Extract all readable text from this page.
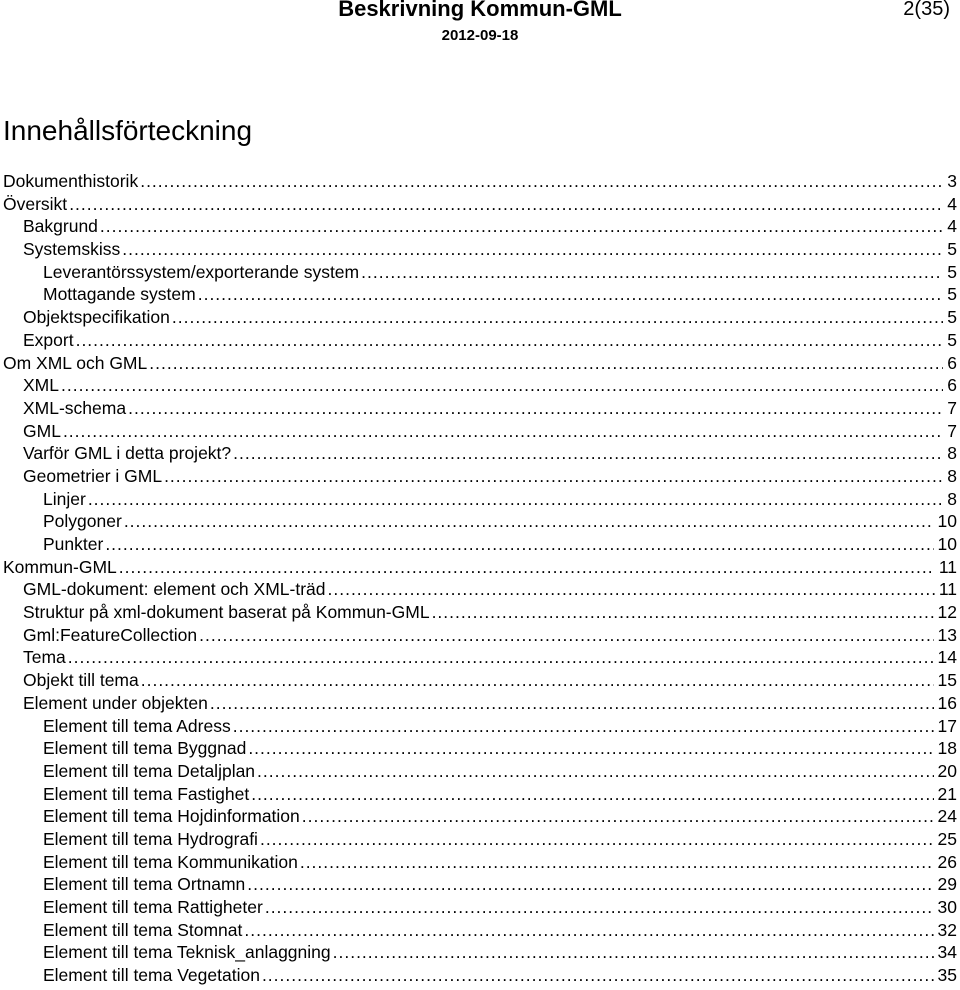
Beskrivning Kommun-GML	2(35)
2012-09-18
Innehållsförteckning
Dokumenthistorik .....	3
Översikt .....	4
Bakgrund .....	4
Systemskiss .....	5
Leverantörssystem/exporterande system .....	5
Mottagande system .....	5
Objektspecifikation .....	5
Export .....	5
Om XML och GML .....	6
XML .....	6
XML-schema .....	7
GML .....	7
Varför GML i detta projekt? .....	8
Geometrier i GML .....	8
Linjer .....	8
Polygoner .....	10
Punkter .....	10
Kommun-GML .....	11
GML-dokument: element och XML-träd .....	11
Struktur på xml-dokument baserat på Kommun-GML .....	12
Gml:FeatureCollection .....	13
Tema .....	14
Objekt till tema .....	15
Element under objekten .....	16
Element till tema Adress .....	17
Element till tema Byggnad .....	18
Element till tema Detaljplan .....	20
Element till tema Fastighet .....	21
Element till tema Hojdinformation .....	24
Element till tema Hydrografi .....	25
Element till tema Kommunikation .....	26
Element till tema Ortnamn .....	29
Element till tema Rattigheter .....	30
Element till tema Stomnat .....	32
Element till tema Teknisk_anlaggning .....	34
Element till tema Vegetation .....	35
